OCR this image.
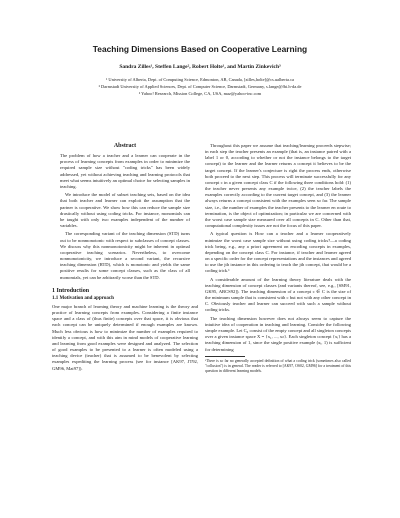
Teaching Dimensions Based on Cooperative Learning
Sandra Zilles¹, Steffen Lange², Robert Holte¹, and Martin Zinkevich³
¹ University of Alberta, Dept. of Computing Science, Edmonton, AB, Canada, [zilles,holte]@cs.ualberta.ca
² Darmstadt University of Applied Sciences, Dept. of Computer Science, Darmstadt, Germany, s.lange@fbi.h-da.de
³ Yahoo! Research, Mission College, CA, USA, maz@yahoo-inc.com
Abstract

The problem of how a teacher and a learner can cooperate in the process of learning concepts from examples in order to minimize the required sample size without "coding tricks" has been widely addressed, yet without achieving teaching and learning protocols that meet what seems intuitively an optimal choice for selecting samples in teaching.

We introduce the model of subset teaching sets, based on the idea that both teacher and learner can exploit the assumption that the partner is cooperative. We show how this can reduce the sample size drastically without using coding tricks. For instance, monomials can be taught with only two examples independent of the number of variables.

The corresponding variant of the teaching dimension (STD) turns out to be nonmonotonic with respect to subclasses of concept classes. We discuss why this nonmonotonicity might be inherent in optimal cooperative teaching scenarios. Nevertheless, to overcome nonmonotonicity, we introduce a second variant, the recursive teaching dimension (RTD), which is monotonic and yields the same positive results for some concept classes, such as the class of all monomials, yet can be arbitrarily worse than the STD.

1 Introduction
1.1 Motivation and approach

One major branch of learning theory and machine learning is the theory and practice of learning concepts from examples. Considering a finite instance space and a class of (thus finite) concepts over that space, it is obvious that each concept can be uniquely determined if enough examples are known. Much less obvious is how to minimize the number of examples required to identify a concept, and with this aim in mind models of cooperative learning and learning from good examples were designed and analyzed. The selection of good examples to be presented to a learner is often modeled using a teaching device (teacher) that is assumed to be benevolent by selecting examples expediting the learning process (see for instance [AK97, JT92, GM96, Mat97]).

Throughout this paper we assume that teaching/learning proceeds stepwise; in each step the teacher presents an example (that is, an instance paired with a label 1 or 0, according to whether or not the instance belongs to the target concept) to the learner and the learner returns a concept it believes to be the target concept. If the learner's conjecture is right the process ends, otherwise both proceed to the next step. This process will terminate successfully for any concept c in a given concept class C if the following three conditions hold: (1) the teacher never presents any example twice, (2) the teacher labels the examples correctly according to the current target concept, and (3) the learner always returns a concept consistent with the examples seen so far. The sample size, i.e., the number of examples the teacher presents to the learner en route to termination, is the object of optimization; in particular we are concerned with the worst case sample size measured over all concepts in C. Other than that, computational complexity issues are not the focus of this paper.

A typical question is How can a teacher and a learner cooperatively minimize the worst case sample size without using coding tricks?—a coding trick being, e.g., any a priori agreement on encoding concepts in examples, depending on the concept class C. For instance, if teacher and learner agreed on a specific order for the concept representations and the instances and agreed to use the jth instance in this ordering to teach the jth concept, that would be a coding trick.¹

A considerable amount of the learning theory literature deals with the teaching dimension of concept classes (and variants thereof, see, e.g., [SM91, GK95, ABCS92]). The teaching dimension of a concept c ∈ C is the size of the minimum sample that is consistent with c but not with any other concept in C. Obviously teacher and learner can succeed with such a sample without coding tricks.

The teaching dimension however does not always seem to capture the intuitive idea of cooperation in teaching and learning. Consider the following simple example. Let C₀ consist of the empty concept and all singleton concepts over a given instance space X = {x₁, ..., xₙ}. Each singleton concept {xᵢ} has a teaching dimension of 1, since the single positive example (xᵢ, 1) is sufficient for determining

¹There is so far no generally accepted definition of what a coding trick (sometimes also called "collusion") is in general. The reader is referred to [AK97, OS02, GM96] for a treatment of this question in different learning models.
